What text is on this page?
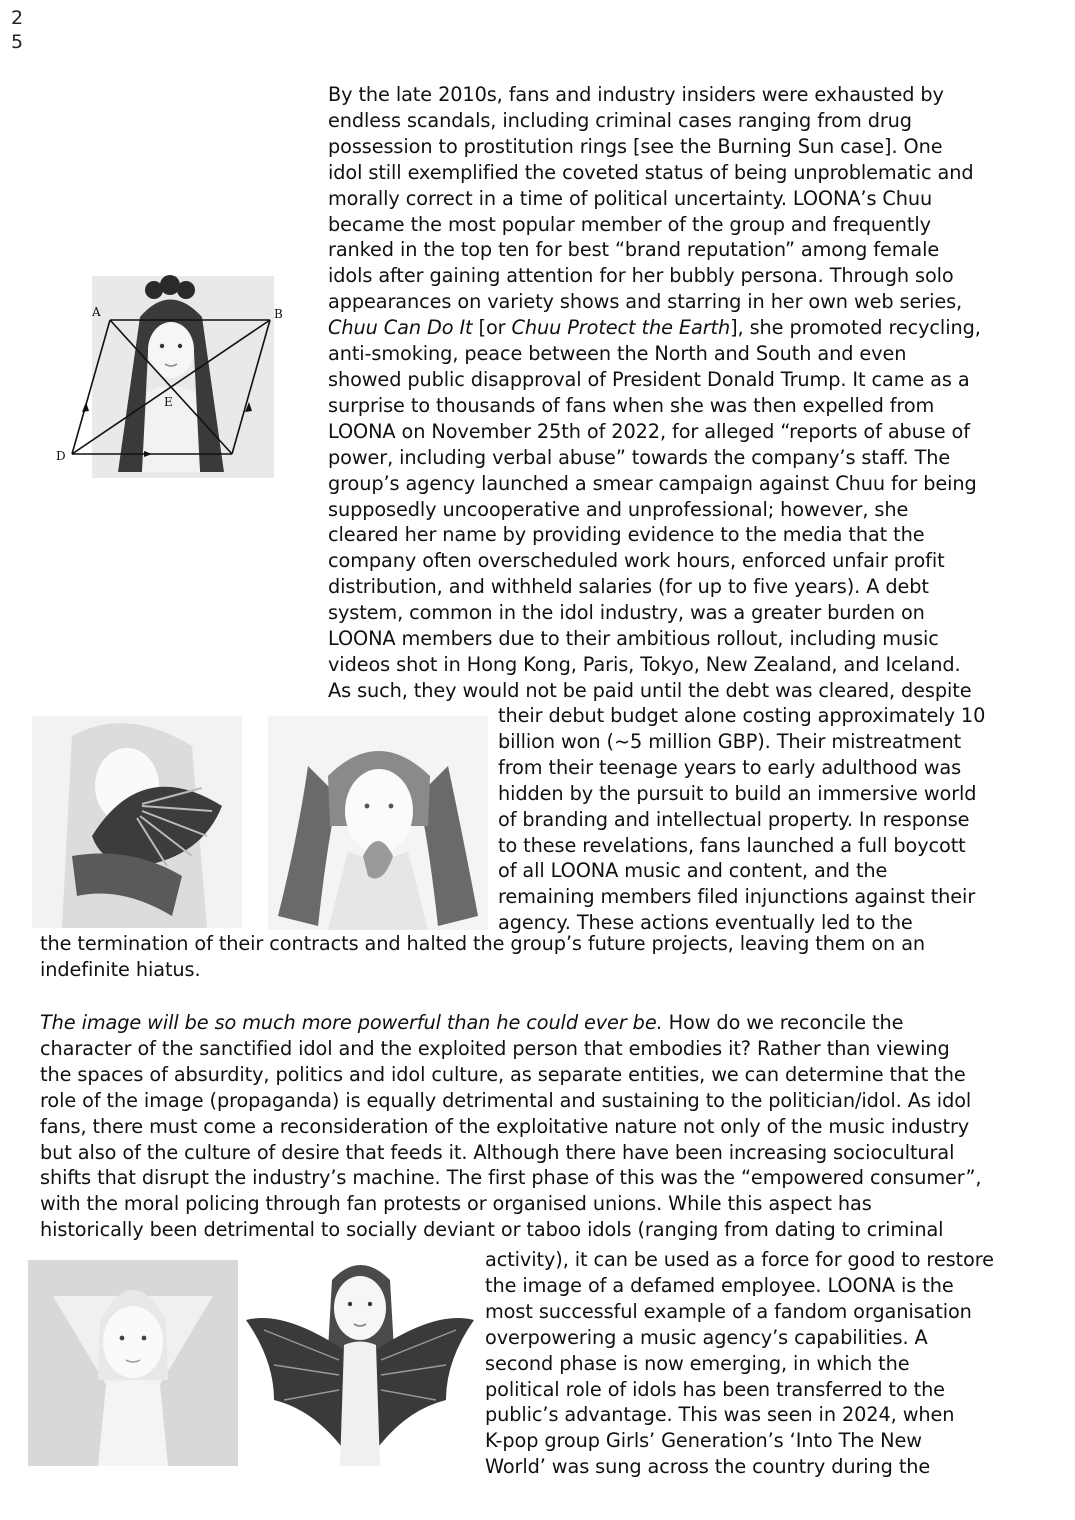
2
5
A	B
D
E
By the late 2010s, fans and industry insiders were exhausted by
endless scandals, including criminal cases ranging from drug
possession to prostitution rings [see the Burning Sun case]. One
idol still exemplified the coveted status of being unproblematic and
morally correct in a time of political uncertainty. LOONA’s Chuu
became the most popular member of the group and frequently
ranked in the top ten for best “brand reputation” among female
idols after gaining attention for her bubbly persona. Through solo
appearances on variety shows and starring in her own web series,
Chuu Can Do It [or Chuu Protect the Earth], she promoted recycling,
anti-smoking, peace between the North and South and even
showed public disapproval of President Donald Trump. It came as a
surprise to thousands of fans when she was then expelled from
LOONA on November 25th of 2022, for alleged “reports of abuse of
power, including verbal abuse” towards the company’s staff. The
group’s agency launched a smear campaign against Chuu for being
supposedly uncooperative and unprofessional; however, she
cleared her name by providing evidence to the media that the
company often overscheduled work hours, enforced unfair profit
distribution, and withheld salaries (for up to five years). A debt
system, common in the idol industry, was a greater burden on
LOONA members due to their ambitious rollout, including music
videos shot in Hong Kong, Paris, Tokyo, New Zealand, and Iceland.
As such, they would not be paid until the debt was cleared, despite
their debut budget alone costing approximately 10
billion won (~5 million GBP). Their mistreatment
from their teenage years to early adulthood was
hidden by the pursuit to build an immersive world
of branding and intellectual property. In response
to these revelations, fans launched a full boycott
of all LOONA music and content, and the
remaining members filed injunctions against their
agency. These actions eventually led to the
the termination of their contracts and halted the group’s future projects, leaving them on an
indefinite hiatus.
The image will be so much more powerful than he could ever be. How do we reconcile the
character of the sanctified idol and the exploited person that embodies it? Rather than viewing
the spaces of absurdity, politics and idol culture, as separate entities, we can determine that the
role of the image (propaganda) is equally detrimental and sustaining to the politician/idol. As idol
fans, there must come a reconsideration of the exploitative nature not only of the music industry
but also of the culture of desire that feeds it. Although there have been increasing sociocultural
shifts that disrupt the industry’s machine. The first phase of this was the “empowered consumer”,
with the moral policing through fan protests or organised unions. While this aspect has
historically been detrimental to socially deviant or taboo idols (ranging from dating to criminal
activity), it can be used as a force for good to restore
the image of a defamed employee. LOONA is the
most successful example of a fandom organisation
overpowering a music agency’s capabilities. A
second phase is now emerging, in which the
political role of idols has been transferred to the
public’s advantage. This was seen in 2024, when
K-pop group Girls’ Generation’s ‘Into The New
World’ was sung across the country during the
